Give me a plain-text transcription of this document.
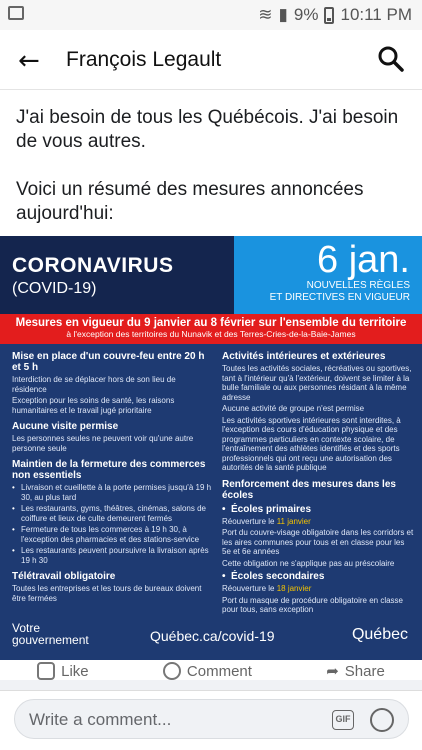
≋ ▮ 9% 10:11 PM
← François Legault
J'ai besoin de tous les Québécois. J'ai besoin de vous autres.
Voici un résumé des mesures annoncées aujourd'hui:
CORONAVIRUS
(COVID-19)
6 jan.
NOUVELLES RÈGLES
ET DIRECTIVES EN VIGUEUR
Mesures en vigueur du 9 janvier au 8 février sur l'ensemble du territoire
à l'exception des territoires du Nunavik et des Terres-Cries-de-la-Baie-James
Mise en place d'un couvre-feu entre 20 h et 5 h
Interdiction de se déplacer hors de son lieu de résidence
Exception pour les soins de santé, les raisons humanitaires et le travail jugé prioritaire
Aucune visite permise
Les personnes seules ne peuvent voir qu'une autre personne seule
Maintien de la fermeture des commerces non essentiels
• Livraison et cueillette à la porte permises jusqu'à 19 h 30, au plus tard
• Les restaurants, gyms, théâtres, cinémas, salons de coiffure et lieux de culte demeurent fermés
• Fermeture de tous les commerces à 19 h 30, à l'exception des pharmacies et des stations-service
• Les restaurants peuvent poursuivre la livraison après 19 h 30
Télétravail obligatoire
Toutes les entreprises et les tours de bureaux doivent être fermées
Activités intérieures et extérieures
Toutes les activités sociales, récréatives ou sportives, tant à l'intérieur qu'à l'extérieur, doivent se limiter à la bulle familiale ou aux personnes résidant à la même adresse
Aucune activité de groupe n'est permise
Les activités sportives intérieures sont interdites, à l'exception des cours d'éducation physique et des programmes particuliers en contexte scolaire, de l'entraînement des athlètes identifiés et des sports professionnels qui ont reçu une autorisation des autorités de la santé publique
Renforcement des mesures dans les écoles
• Écoles primaires
Réouverture le 11 janvier
Port du couvre-visage obligatoire dans les corridors et les aires communes pour tous et en classe pour les 5e et 6e années
Cette obligation ne s'applique pas au préscolaire
• Écoles secondaires
Réouverture le 18 janvier
Port du masque de procédure obligatoire en classe pour tous, sans exception
Votre
gouvernement	Québec.ca/covid-19	Québec
Like	Comment	➦ Share
Write a comment...	GIF
